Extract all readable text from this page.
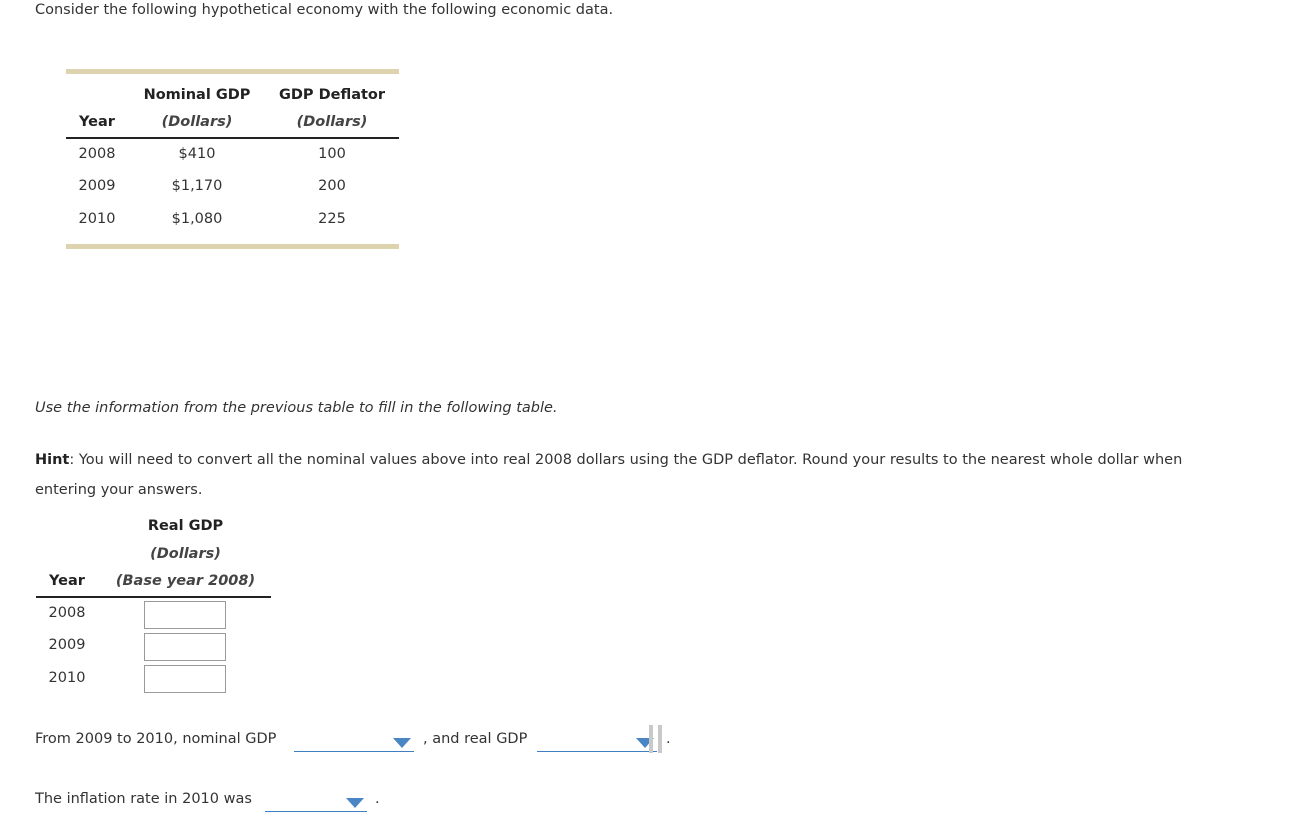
Consider the following hypothetical economy with the following economic data.
Nominal GDP	GDP Deflator
Year	(Dollars)	(Dollars)
2008	$410	100
2009	$1,170	200
2010	$1,080	225
Use the information from the previous table to fill in the following table.
Hint: You will need to convert all the nominal values above into real 2008 dollars using the GDP deflator. Round your results to the nearest whole dollar when entering your answers.
Real GDP
(Dollars)
Year	(Base year 2008)
2008
2009
2010
From 2009 to 2010, nominal GDP	, and real GDP	.
The inflation rate in 2010 was	.
